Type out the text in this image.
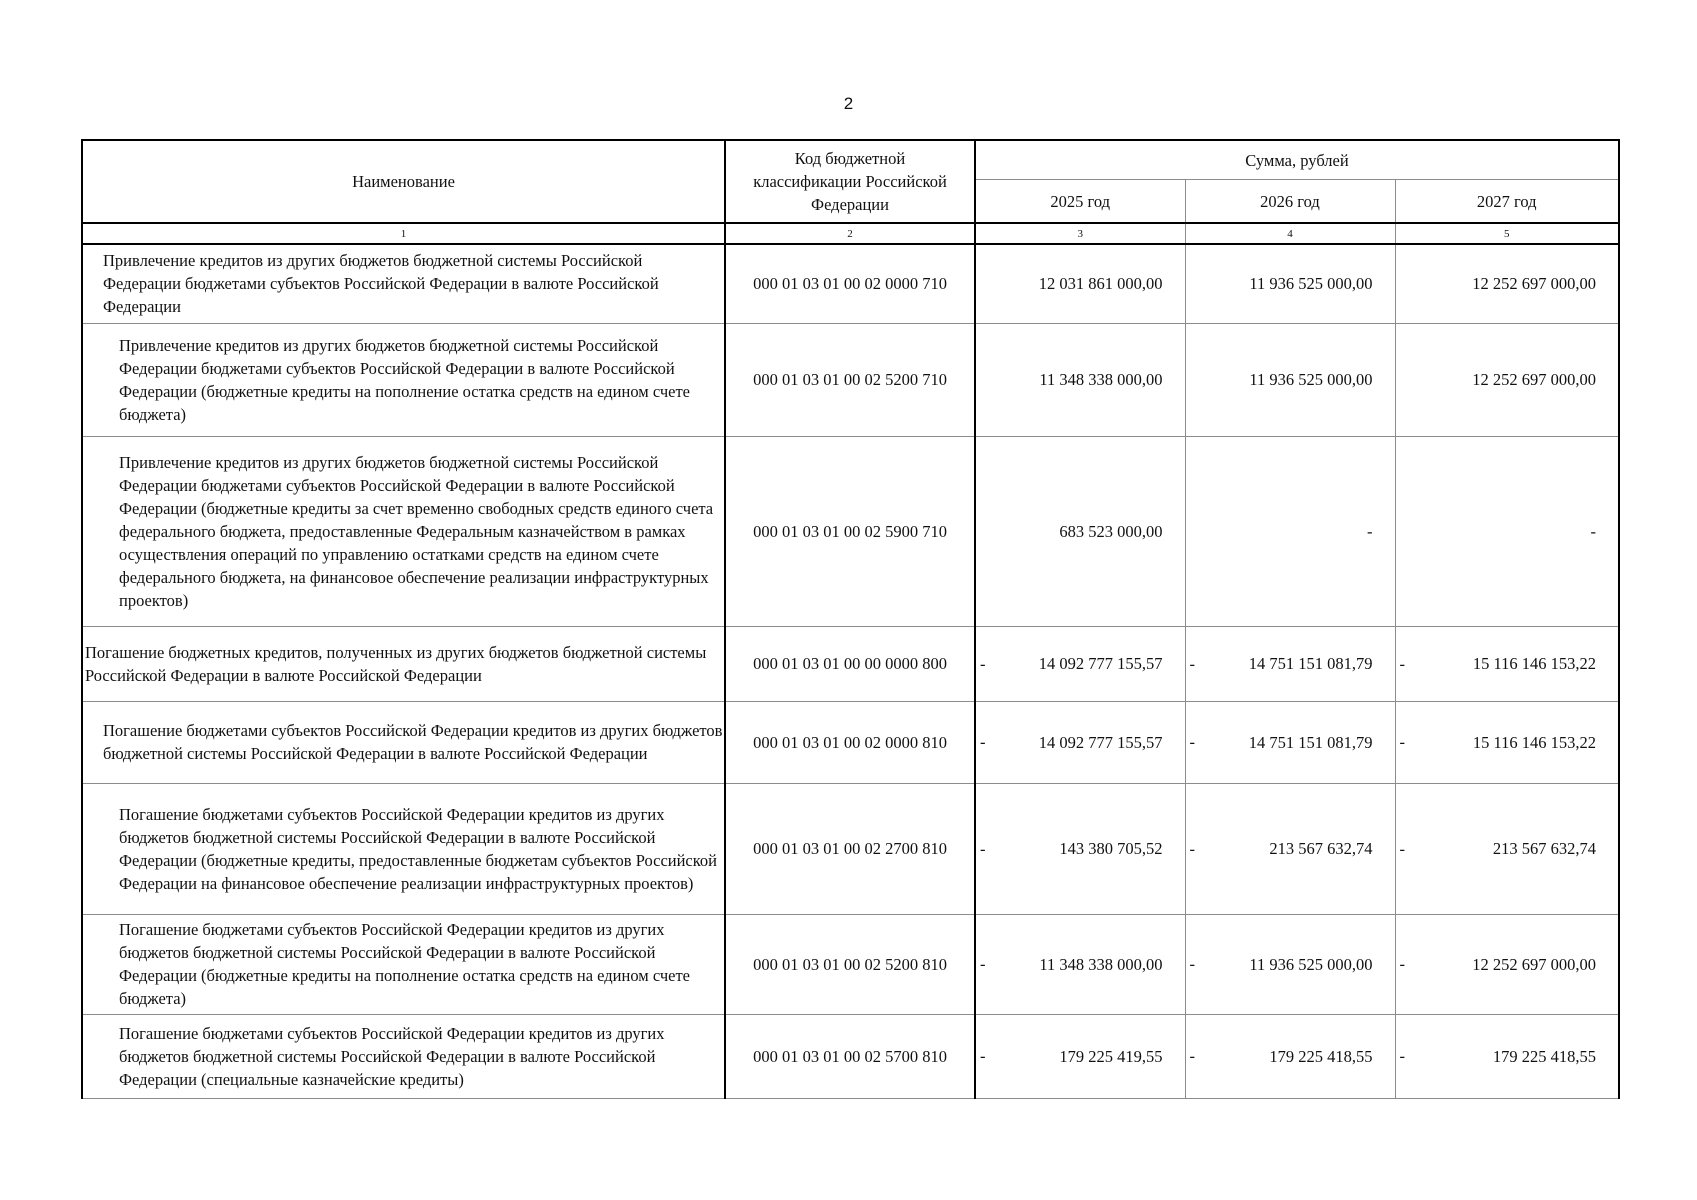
2
Наименование	Код бюджетной классификации Российской Федерации	Сумма, рублей		
		2025 год	2026 год	2027 год
1	2	3	4	5
Привлечение кредитов из других бюджетов бюджетной системы Российской Федерации бюджетами субъектов Российской Федерации в валюте Российской Федерации	000 01 03 01 00 02 0000 710	12 031 861 000,00	11 936 525 000,00	12 252 697 000,00
Привлечение кредитов из других бюджетов бюджетной системы Российской Федерации бюджетами субъектов Российской Федерации в валюте Российской Федерации (бюджетные кредиты на пополнение остатка средств на едином счете бюджета)	000 01 03 01 00 02 5200 710	11 348 338 000,00	11 936 525 000,00	12 252 697 000,00
Привлечение кредитов из других бюджетов бюджетной системы Российской Федерации бюджетами субъектов Российской Федерации в валюте Российской Федерации (бюджетные кредиты за счет временно свободных средств единого счета федерального бюджета, предоставленные Федеральным казначейством в рамках осуществления операций по управлению остатками средств на едином счете федерального бюджета, на финансовое обеспечение реализации инфраструктурных проектов)	000 01 03 01 00 02 5900 710	683 523 000,00	-	-
Погашение бюджетных кредитов, полученных из других бюджетов бюджетной системы Российской Федерации в валюте Российской Федерации	000 01 03 01 00 00 0000 800	- 14 092 777 155,57	- 14 751 151 081,79	- 15 116 146 153,22
Погашение бюджетами субъектов Российской Федерации кредитов из других бюджетов бюджетной системы Российской Федерации в валюте Российской Федерации	000 01 03 01 00 02 0000 810	- 14 092 777 155,57	- 14 751 151 081,79	- 15 116 146 153,22
Погашение бюджетами субъектов Российской Федерации кредитов из других бюджетов бюджетной системы Российской Федерации в валюте Российской Федерации (бюджетные кредиты, предоставленные бюджетам субъектов Российской Федерации на финансовое обеспечение реализации инфраструктурных проектов)	000 01 03 01 00 02 2700 810	- 143 380 705,52	- 213 567 632,74	- 213 567 632,74
Погашение бюджетами субъектов Российской Федерации кредитов из других бюджетов бюджетной системы Российской Федерации в валюте Российской Федерации (бюджетные кредиты на пополнение остатка средств на едином счете бюджета)	000 01 03 01 00 02 5200 810	- 11 348 338 000,00	- 11 936 525 000,00	- 12 252 697 000,00
Погашение бюджетами субъектов Российской Федерации кредитов из других бюджетов бюджетной системы Российской Федерации в валюте Российской Федерации (специальные казначейские кредиты)	000 01 03 01 00 02 5700 810	- 179 225 419,55	- 179 225 418,55	- 179 225 418,55
